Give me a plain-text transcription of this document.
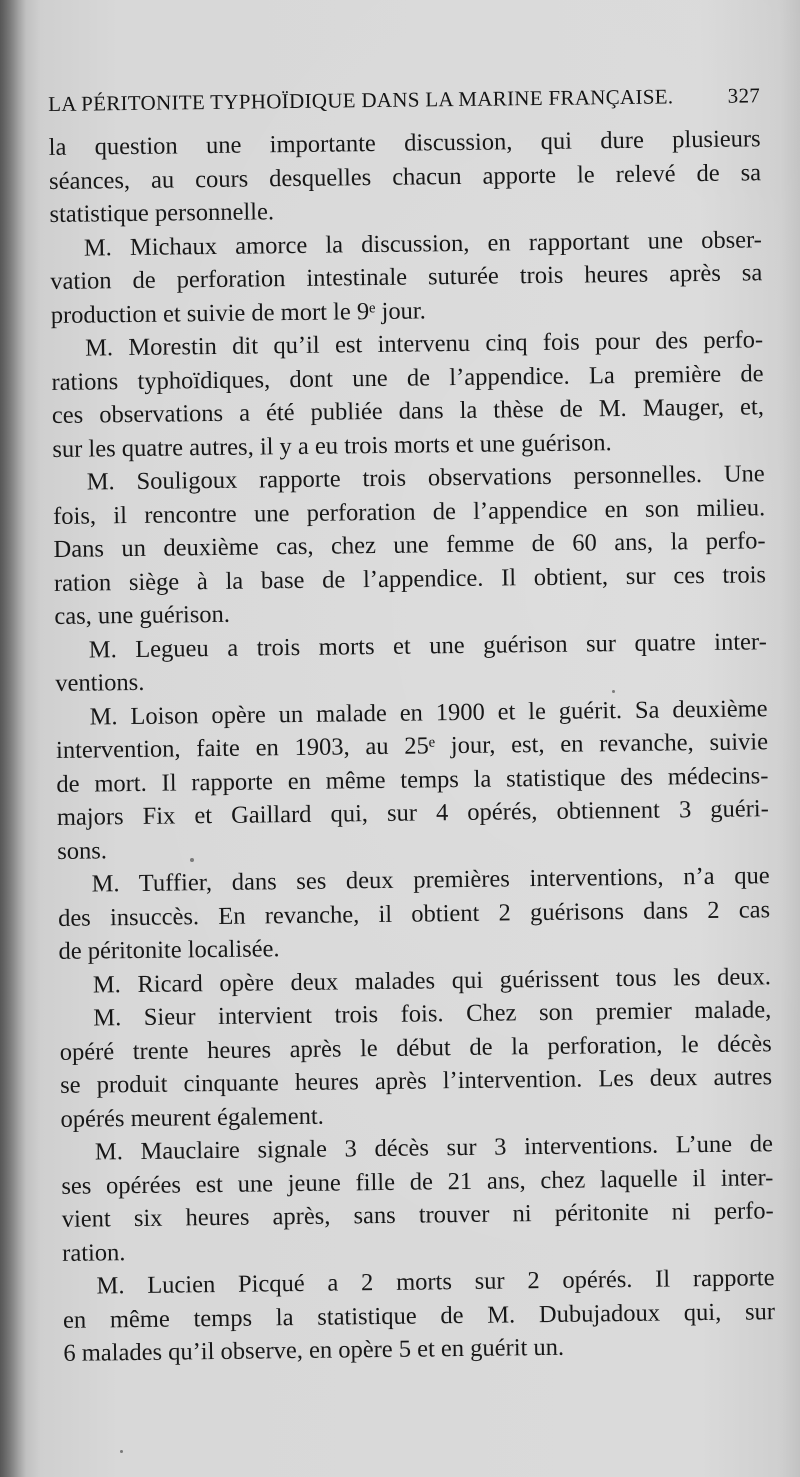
LA PÉRITONITE TYPHOÏDIQUE DANS LA MARINE FRANÇAISE.	327
la question une importante discussion, qui dure plusieurs
séances, au cours desquelles chacun apporte le relevé de sa
statistique personnelle.
M. Michaux amorce la discussion, en rapportant une obser-
vation de perforation intestinale suturée trois heures après sa
production et suivie de mort le 9ᵉ jour.
M. Morestin dit qu’il est intervenu cinq fois pour des perfo-
rations typhoïdiques, dont une de l’appendice. La première de
ces observations a été publiée dans la thèse de M. Mauger, et,
sur les quatre autres, il y a eu trois morts et une guérison.
M. Souligoux rapporte trois observations personnelles. Une
fois, il rencontre une perforation de l’appendice en son milieu.
Dans un deuxième cas, chez une femme de 60 ans, la perfo-
ration siège à la base de l’appendice. Il obtient, sur ces trois
cas, une guérison.
M. Legueu a trois morts et une guérison sur quatre inter-
ventions.
M. Loison opère un malade en 1900 et le guérit. Sa deuxième
intervention, faite en 1903, au 25ᵉ jour, est, en revanche, suivie
de mort. Il rapporte en même temps la statistique des médecins-
majors Fix et Gaillard qui, sur 4 opérés, obtiennent 3 guéri-
sons.
M. Tuffier, dans ses deux premières interventions, n’a que
des insuccès. En revanche, il obtient 2 guérisons dans 2 cas
de péritonite localisée.
M. Ricard opère deux malades qui guérissent tous les deux.
M. Sieur intervient trois fois. Chez son premier malade,
opéré trente heures après le début de la perforation, le décès
se produit cinquante heures après l’intervention. Les deux autres
opérés meurent également.
M. Mauclaire signale 3 décès sur 3 interventions. L’une de
ses opérées est une jeune fille de 21 ans, chez laquelle il inter-
vient six heures après, sans trouver ni péritonite ni perfo-
ration.
M. Lucien Picqué a 2 morts sur 2 opérés. Il rapporte
en même temps la statistique de M. Dubujadoux qui, sur
6 malades qu’il observe, en opère 5 et en guérit un.
